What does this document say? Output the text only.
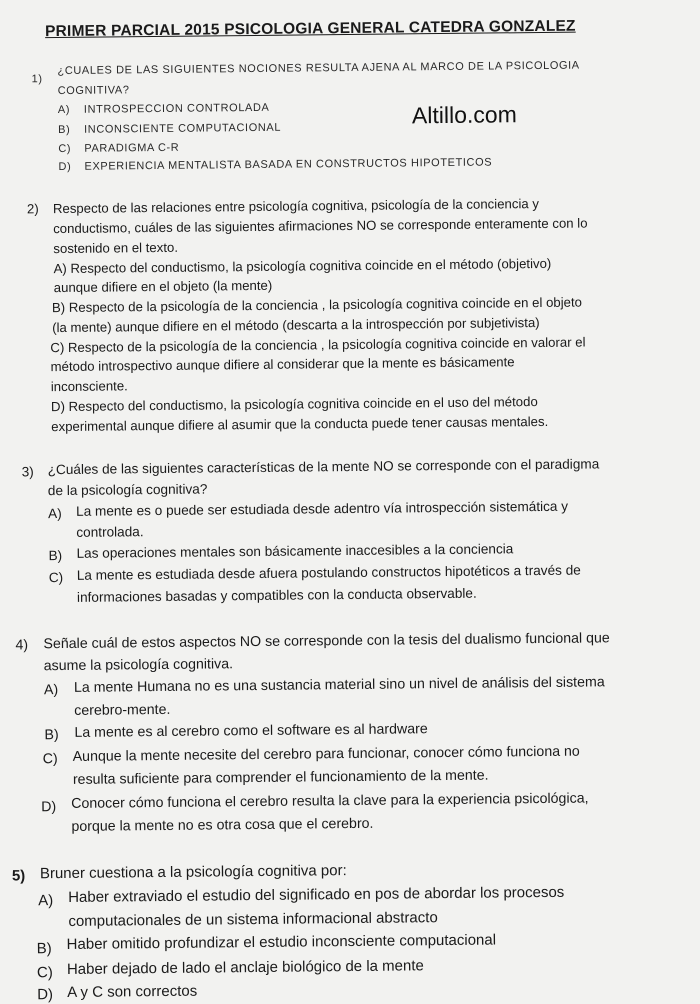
PRIMER PARCIAL 2015 PSICOLOGIA GENERAL CATEDRA GONZALEZ
Altillo.com
1)
¿CUALES DE LAS SIGUIENTES NOCIONES RESULTA AJENA AL MARCO DE LA PSICOLOGIA
COGNITIVA?
A) INTROSPECCION CONTROLADA
B) INCONSCIENTE COMPUTACIONAL
C) PARADIGMA C-R
D) EXPERIENCIA MENTALISTA BASADA EN CONSTRUCTOS HIPOTETICOS
2) Respecto de las relaciones entre psicología cognitiva, psicología de la conciencia y
conductismo, cuáles de las siguientes afirmaciones NO se corresponde enteramente con lo
sostenido en el texto.
A) Respecto del conductismo, la psicología cognitiva coincide en el método (objetivo)
aunque difiere en el objeto (la mente)
B) Respecto de la psicología de la conciencia , la psicología cognitiva coincide en el objeto
(la mente) aunque difiere en el método (descarta a la introspección por subjetivista)
C) Respecto de la psicología de la conciencia , la psicología cognitiva coincide en valorar el
método introspectivo aunque difiere al considerar que la mente es básicamente
inconsciente.
D) Respecto del conductismo, la psicología cognitiva coincide en el uso del método
experimental aunque difiere al asumir que la conducta puede tener causas mentales.
3) ¿Cuáles de las siguientes características de la mente NO se corresponde con el paradigma
de la psicología cognitiva?
A) La mente es o puede ser estudiada desde adentro vía introspección sistemática y
controlada.
B) Las operaciones mentales son básicamente inaccesibles a la conciencia
C) La mente es estudiada desde afuera postulando constructos hipotéticos a través de
informaciones basadas y compatibles con la conducta observable.
4) Señale cuál de estos aspectos NO se corresponde con la tesis del dualismo funcional que
asume la psicología cognitiva.
A) La mente Humana no es una sustancia material sino un nivel de análisis del sistema
cerebro-mente.
B) La mente es al cerebro como el software es al hardware
C) Aunque la mente necesite del cerebro para funcionar, conocer cómo funciona no
resulta suficiente para comprender el funcionamiento de la mente.
D) Conocer cómo funciona el cerebro resulta la clave para la experiencia psicológica,
porque la mente no es otra cosa que el cerebro.
5) Bruner cuestiona a la psicología cognitiva por:
A) Haber extraviado el estudio del significado en pos de abordar los procesos
computacionales de un sistema informacional abstracto
B) Haber omitido profundizar el estudio inconsciente computacional
C) Haber dejado de lado el anclaje biológico de la mente
D) A y C son correctos
